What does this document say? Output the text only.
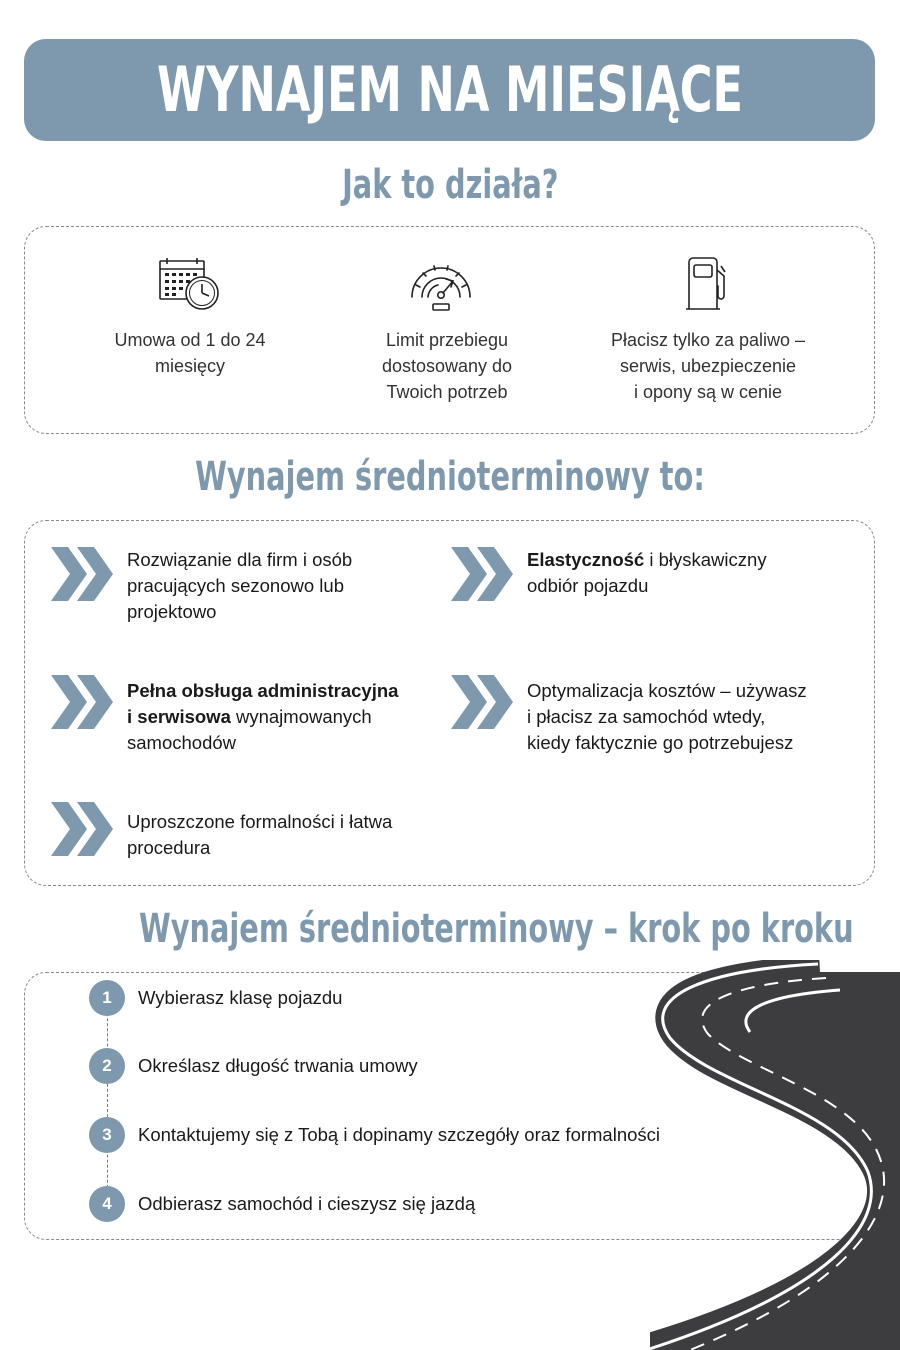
WYNAJEM NA MIESIĄCE
Jak to działa?
Umowa od 1 do 24
miesięcy
Limit przebiegu
dostosowany do
Twoich potrzeb
Płacisz tylko za paliwo –
serwis, ubezpieczenie
i opony są w cenie
Wynajem średnioterminowy to:
Rozwiązanie dla firm i osób
pracujących sezonowo lub
projektowo
Elastyczność i błyskawiczny
odbiór pojazdu
Pełna obsługa administracyjna
i serwisowa wynajmowanych
samochodów
Optymalizacja kosztów – używasz
i płacisz za samochód wtedy,
kiedy faktycznie go potrzebujesz
Uproszczone formalności i łatwa
procedura
Wynajem średnioterminowy – krok po kroku
1	Wybierasz klasę pojazdu
2	Określasz długość trwania umowy
3	Kontaktujemy się z Tobą i dopinamy szczegóły oraz formalności
4	Odbierasz samochód i cieszysz się jazdą
